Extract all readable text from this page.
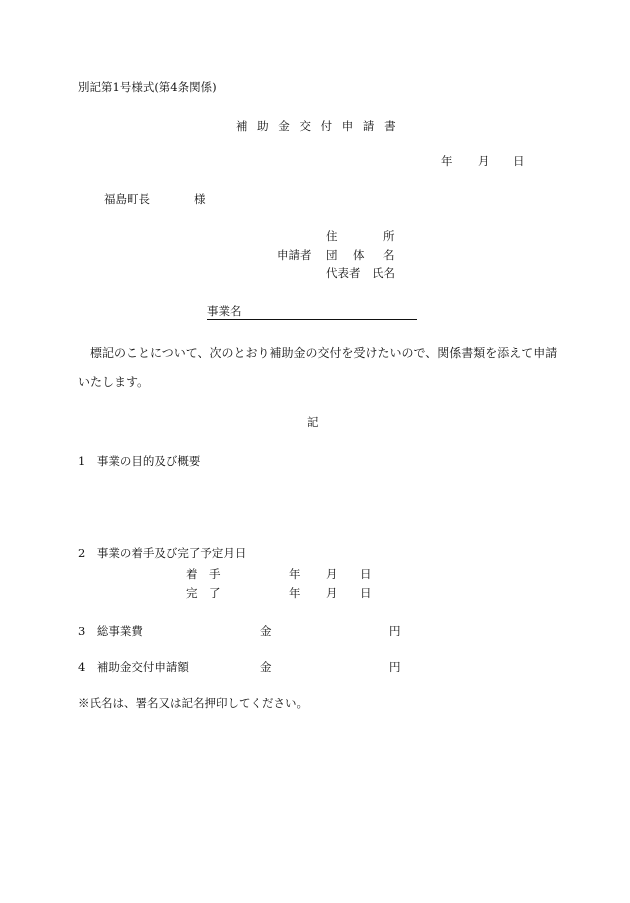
別記第1号様式(第4条関係)
補 助 金 交 付 申 請 書
年 月 日
福島町長	様
住	所
申請者 団 体 名
代表者 氏名
事業名
標記のことについて、次のとおり補助金の交付を受けたいので、関係書類を添えて申請
いたします。
記
1　事業の目的及び概要
2　事業の着手及び完了予定月日
着 手	年 月 日
完 了	年 月 日
3　総事業費	金	円
4　補助金交付申請額	金	円
※氏名は、署名又は記名押印してください。
